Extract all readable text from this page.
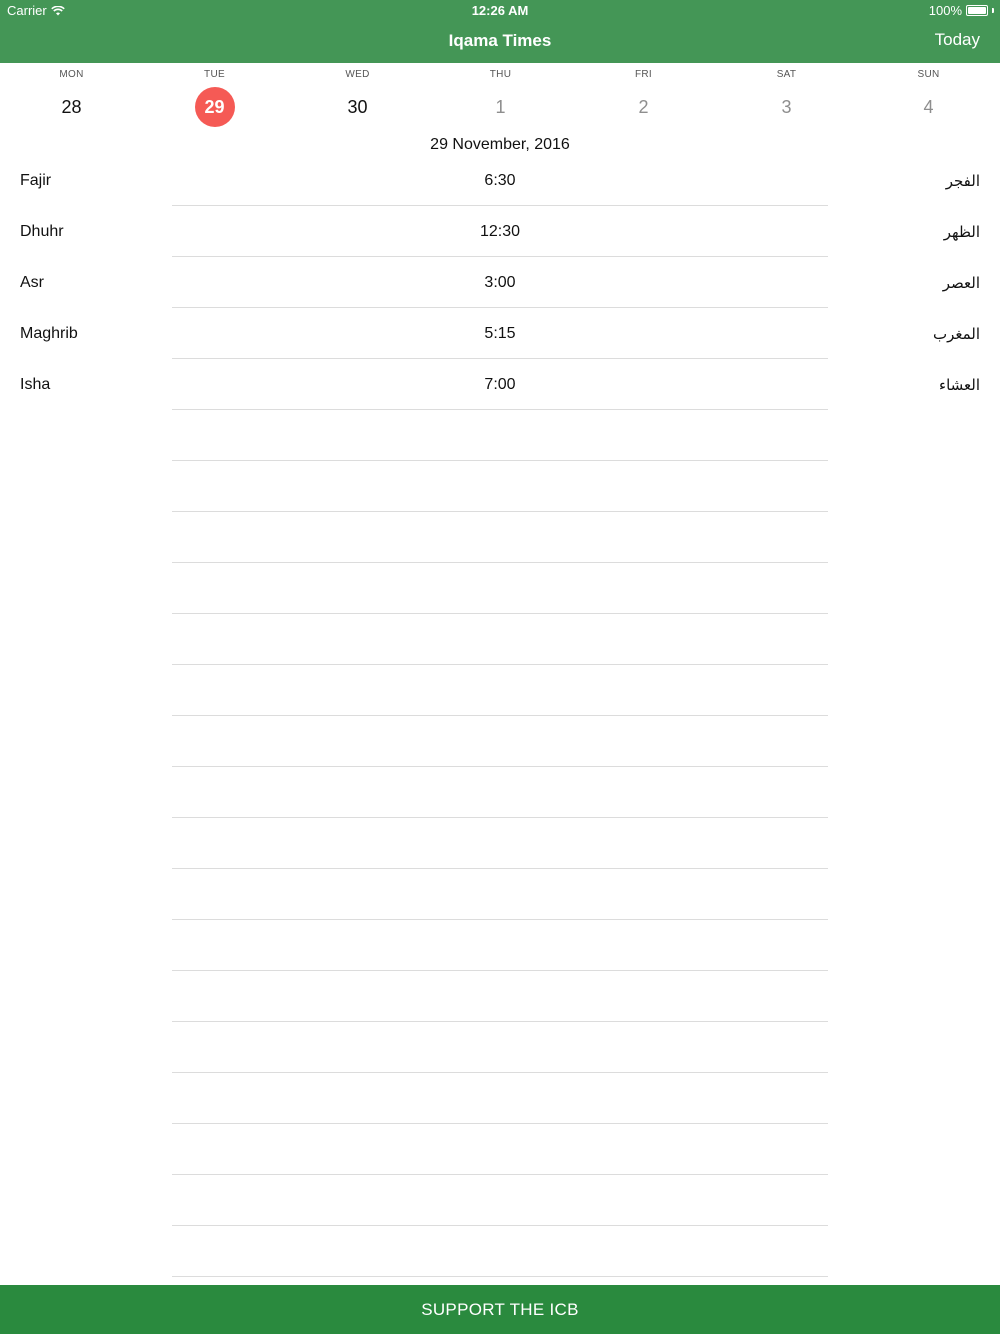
Carrier	12:26 AM	100%
Iqama Times	Today
MON
28
TUE
29
WED
30
THU
1
FRI
2
SAT
3
SUN
4
29 November, 2016
Fajir	6:30	الفجر
Dhuhr	12:30	الظهر
Asr	3:00	العصر
Maghrib	5:15	المغرب
Isha	7:00	العشاء
SUPPORT THE ICB
